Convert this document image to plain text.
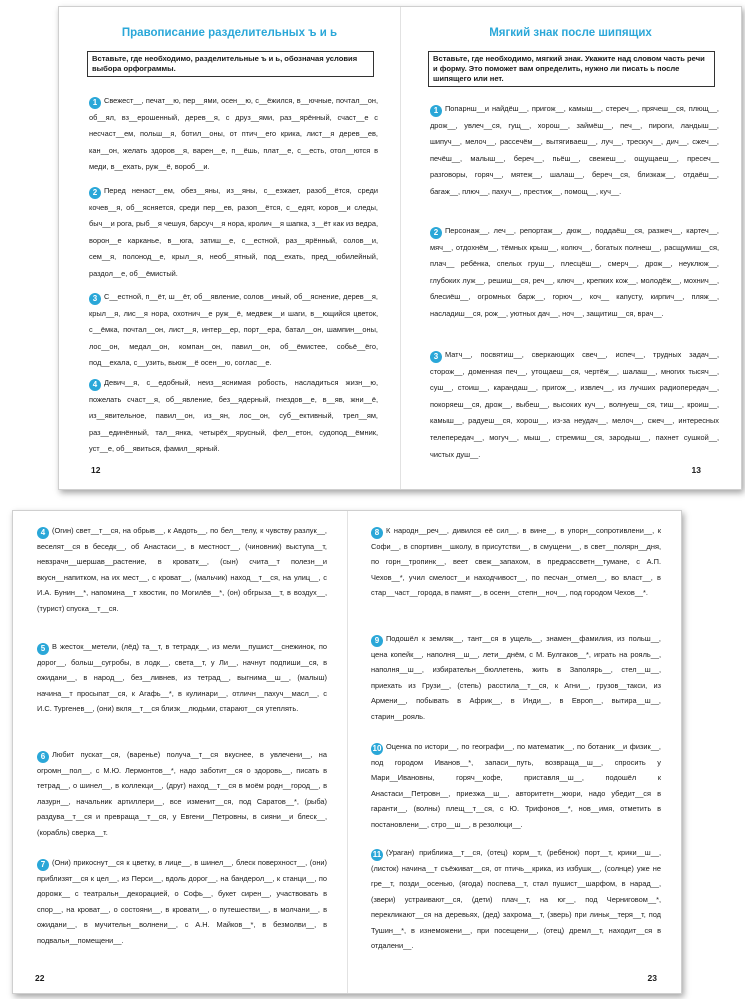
Правописание разделительных ъ и ь
Вставьте, где необходимо, разделительные ъ и ь, обозначая условия выбора орфограммы.
1 Свежест__, печат__ю, пер__ями, осен__ю, с__ёжился, в__ючные, почтал__он, об__ял, вз__ерошенный, дерев__я, с друз__ями, раз__ярённый, счаст__е с несчаст__ем, польш__я, ботил__оны, от птич__его крика, лист__я дерев__ев, кан__он, желать здоров__я, варен__е, п__ёшь, плат__е, с__есть, отол__ются в меди, в__ехать, руж__ё, вороб__и.
2 Перед ненаст__ем, обез__яны, из__яны, с__езжает, разоб__ётся, среди кочев__я, об__ясняется, среди пер__ев, разоп__ётся, с__едят, коров__и следы, быч__и рога, рыб__я чешуя, барсуч__я нора, кролич__я шапка, з__ёт как из ведра, ворон__е карканье, в__юга, затиш__е, с__естной, раз__ярённый, солов__и, сем__я, полонод__е, крыл__я, необ__ятный, под__ехать, пред__юбилейный, раздол__е, об__ёмистый.
3 С__естной, п__ёт, ш__ёт, об__явление, солов__иный, об__яснение, дерев__я, крыл__я, лис__я нора, охотнич__е руж__ё, медвеж__и шаги, в__ющийся цветок, с__ёмка, почтал__он, лист__я, интер__ер, порт__ера, батал__он, шампин__оны, лос__он, медал__он, компан__он, павил__он, об__ёмистее, собьё__ёго, под__ехала, с__узить, вьюж__ё осен__ю, соглас__е.
4 Девич__я, с__едобный, неиз__яснимая робость, насладиться жизн__ю, пожелать счаст__я, об__явление, без__ядерный, гнездов__е, в__яв, жни__ё, из__явительное, павил__он, из__ян, лос__он, суб__ективный, трел__ям, раз__единённый, тал__янка, четырёх__ярусный, фел__етон, судопод__ёмник, уст__е, об__явиться, фамил__ярный.
12
Мягкий знак после шипящих
Вставьте, где необходимо, мягкий знак. Укажите над словом часть речи и форму. Это поможет вам определить, нужно ли писать ь после шипящего или нет.
1 Попарнш__и найдёш__, пригож__, камыш__, стереч__, прячеш__ся, плющ__, дрож__, увлеч__ся, гущ__, хорош__, займёш__, печ__, пироги, ландыш__, шипуч__, мелоч__, рассечём__, вытягиваеш__, луч__, трескуч__, дич__, сжеч__, печёш__, малыш__, береч__, пьёш__, свежеш__, ощущаеш__, пресеч__ разговоры, горяч__, мятеж__, шалаш__, береч__ся, близкаж__, отдаёш__, багаж__, плюч__, пахуч__, престиж__, помощ__, куч__.
2 Персонаж__, леч__, репортаж__, дюж__, поддаёш__ся, разжеч__, картеч__, мяч__, отдохнём__, тёмных крыш__, колюч__, богатых полнеш__, расщумиш__ся, плач__ ребёнка, спелых груш__, плесцёш__, смерч__, дрож__, неуклюж__, глубоких луж__, решиш__ся, реч__, ключ__, крепких кож__, молодёж__, мохнич__, блесиёш__, огромных барж__, горюч__, коч__ капусту, кирпич__, пляж__, насладиш__ся, рож__, уютных дач__, ноч__, защитиш__ся, врач__.
3 Матч__, посвятиш__, сверкающих свеч__, испеч__, трудных задач__, сторож__, доменная печ__, утощаеш__ся, чертёж__, шалаш__, многих тысяч__, суш__, стоиш__, карандаш__, пригож__, извлеч__, из лучших радиопередач__, покоряеш__ся, дрож__, выбеш__, высоких куч__, волнуеш__ся, тиш__, кроиш__, камыш__, радуеш__ся, хорош__, из-за неудач__, мелоч__, сжеч__, интересных телепередач__, могуч__, мыш__, стремиш__ся, зародыш__, пахнет сушкой__, чистых душ__.
13
4 (Огин) свет__т__ся, на обрыв__, к Авдоть__, по бел__телу, к чувству разлук__, веселят__ся в беседк__, об Анастаси__, в местност__, (чиновник) выступа__т, невзрачн__шершав__растение, в кроватк__, (сын) счита__т полезн__и вкусн__напитком, на их мест__, с кроват__, (мальчик) наход__т__ся, на улиц__, с И.А. Бунин__*, напомина__т хвостик, по Могилёв__*, (он) обгрыза__т, в воздух__, (турист) спуска__т__ся.
5 В жесток__метели, (лёд) та__т, в тетрадк__, из мели__пушист__снежинок, по дорог__, больш__сугробы, в лодк__, света__т, у Ли__, начнут подпиши__ся, в ожидани__, в народ__, без__ливнев, из тетрад__, выгнима__ш__, (малыш) начина__т просыпат__ся, к Агафь__*, в кулинари__, отличн__пахуч__масл__, с И.С. Тургенев__, (они) вкля__т__ся близк__людьми, старают__ся утеплять.
6 Любит пускат__ся, (варенье) получа__т__ся вкуснее, в увлечени__, на огромн__пол__, с М.Ю. Лермонтов__*, надо заботит__ся о здоровь__, писать в тетрад__, о шинел__, в коллекци__, (друг) наход__т__ся в моём родн__город__, в лазурн__, начальник артиллери__, все изменит__ся, под Саратов__*, (рыба) раздува__т__ся и превраща__т__ся, у Евгени__Петровны, в сияни__и блеск__, (корабль) сверка__т.
7 (Они) прикоснут__ся к цветку, в лице__, в шинел__, блеск поверхност__, (они) приблизят__ся к цел__, из Перси__, вдоль дорог__, на бандерол__, к станци__, по дорожк__ с театральн__декорацией, о Софь__, букет сирен__, участвовать в спор__, на кроват__, о состояни__, в кровати__, о путешестви__, в молчани__, в ожидани__, в мучительн__волнени__, с А.Н. Майков__*, в безмолви__, в подвальн__помещени__.
22
8 К народн__реч__, дивился её сил__, в вине__, в упорн__сопротивлени__, к Софи__, в спортивн__школу, в присутстви__, в смущени__, в свет__полярн__дня, по горн__тропинк__, веет свеж__запахом, в предрассветн__тумане, с А.П. Чехов__*, учил смелост__и находчивост__, по песчан__отмел__, во власт__, в стар__част__города, в памят__, в осенн__степн__ноч__, под городом Чехов__*.
9 Подошёл к земляк__, тант__ся в ущель__, знамен__фамилия, из польш__, цена копейк__, наполня__ш__, лети__днём, с М. Булгаков__*, играть на рояль__, наполня__ш__, избирательн__бюллетень, жить в Заполярь__, стел__ш__, приехать из Грузи__, (степь) расстила__т__ся, к Агни__, грузов__такси, из Армени__, побывать в Африк__, в Инди__, в Европ__, вытира__ш__, старин__рояль.
10 Оценка по истори__, по географи__, по математик__, по ботаник__и физик__, под городом Иванов__*, запаси__путь, возвраща__ш__, спросить у Мари__Ивановны, горяч__кофе, приставля__ш__, подошёл к Анастаси__Петровн__, приезжа__ш__, авторитетн__жюри, надо убедит__ся в гаранти__, (волны) плещ__т__ся, с Ю. Трифонов__*, нов__имя, отметить в постановлени__, стро__ш__, в резолюци__.
11 (Ураган) приближа__т__ся, (отец) корм__т, (ребёнок) порт__т, крики__ш__, (листок) начина__т съёживат__ся, от птичь__крика, из избушк__, (солнце) уже не гре__т, позди__осенью, (ягода) поспева__т, стал пушист__шарфом, в нарад__, (звери) устраивают__ся, (дети) плач__т, на юг__, под Черниговом__*, перекликают__ся на деревьях, (дед) захрома__т, (зверь) при линьк__теря__т, под Тушин__*, в изнеможени__, при посещени__, (отец) дремл__т, находит__ся в отдалени__.
23
